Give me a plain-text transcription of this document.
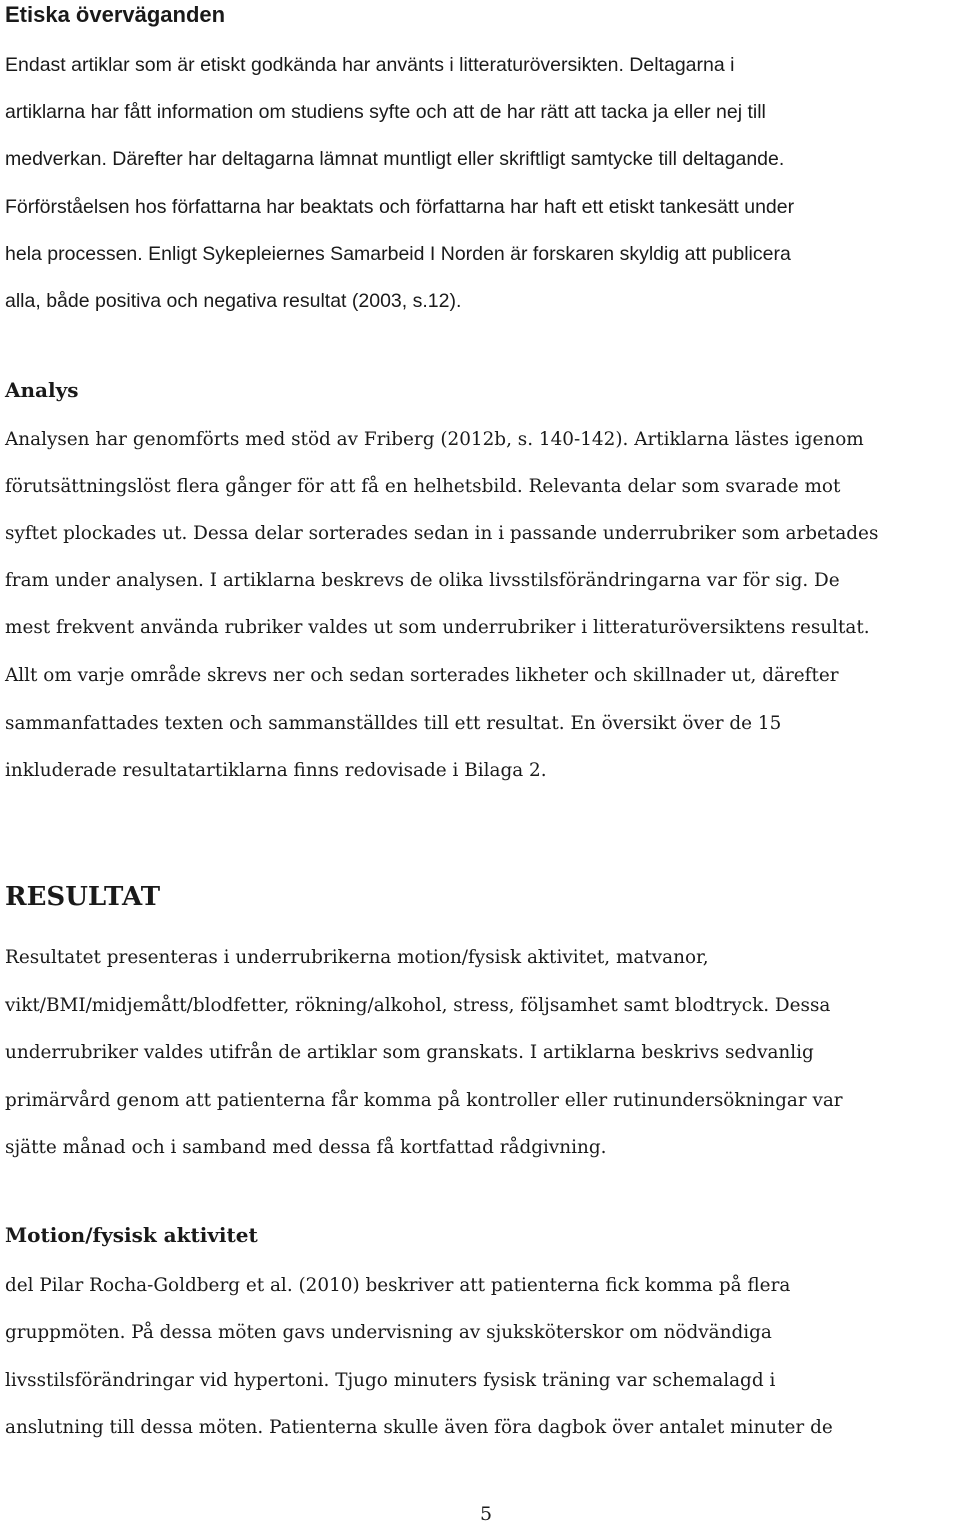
Etiska överväganden
Endast artiklar som är etiskt godkända har använts i litteraturöversikten. Deltagarna i
artiklarna har fått information om studiens syfte och att de har rätt att tacka ja eller nej till
medverkan. Därefter har deltagarna lämnat muntligt eller skriftligt samtycke till deltagande.
Förförståelsen hos författarna har beaktats och författarna har haft ett etiskt tankesätt under
hela processen. Enligt Sykepleiernes Samarbeid I Norden är forskaren skyldig att publicera
alla, både positiva och negativa resultat (2003, s.12).
Analys
Analysen har genomförts med stöd av Friberg (2012b, s. 140-142). Artiklarna lästes igenom
förutsättningslöst flera gånger för att få en helhetsbild. Relevanta delar som svarade mot
syftet plockades ut. Dessa delar sorterades sedan in i passande underrubriker som arbetades
fram under analysen. I artiklarna beskrevs de olika livsstilsförändringarna var för sig. De
mest frekvent använda rubriker valdes ut som underrubriker i litteraturöversiktens resultat.
Allt om varje område skrevs ner och sedan sorterades likheter och skillnader ut, därefter
sammanfattades texten och sammanställdes till ett resultat. En översikt över de 15
inkluderade resultatartiklarna finns redovisade i Bilaga 2.
RESULTAT
Resultatet presenteras i underrubrikerna motion/fysisk aktivitet, matvanor,
vikt/BMI/midjemått/blodfetter, rökning/alkohol, stress, följsamhet samt blodtryck. Dessa
underrubriker valdes utifrån de artiklar som granskats. I artiklarna beskrivs sedvanlig
primärvård genom att patienterna får komma på kontroller eller rutinundersökningar var
sjätte månad och i samband med dessa få kortfattad rådgivning.
Motion/fysisk aktivitet
del Pilar Rocha-Goldberg et al. (2010) beskriver att patienterna fick komma på flera
gruppmöten. På dessa möten gavs undervisning av sjuksköterskor om nödvändiga
livsstilsförändringar vid hypertoni. Tjugo minuters fysisk träning var schemalagd i
anslutning till dessa möten. Patienterna skulle även föra dagbok över antalet minuter de
5
